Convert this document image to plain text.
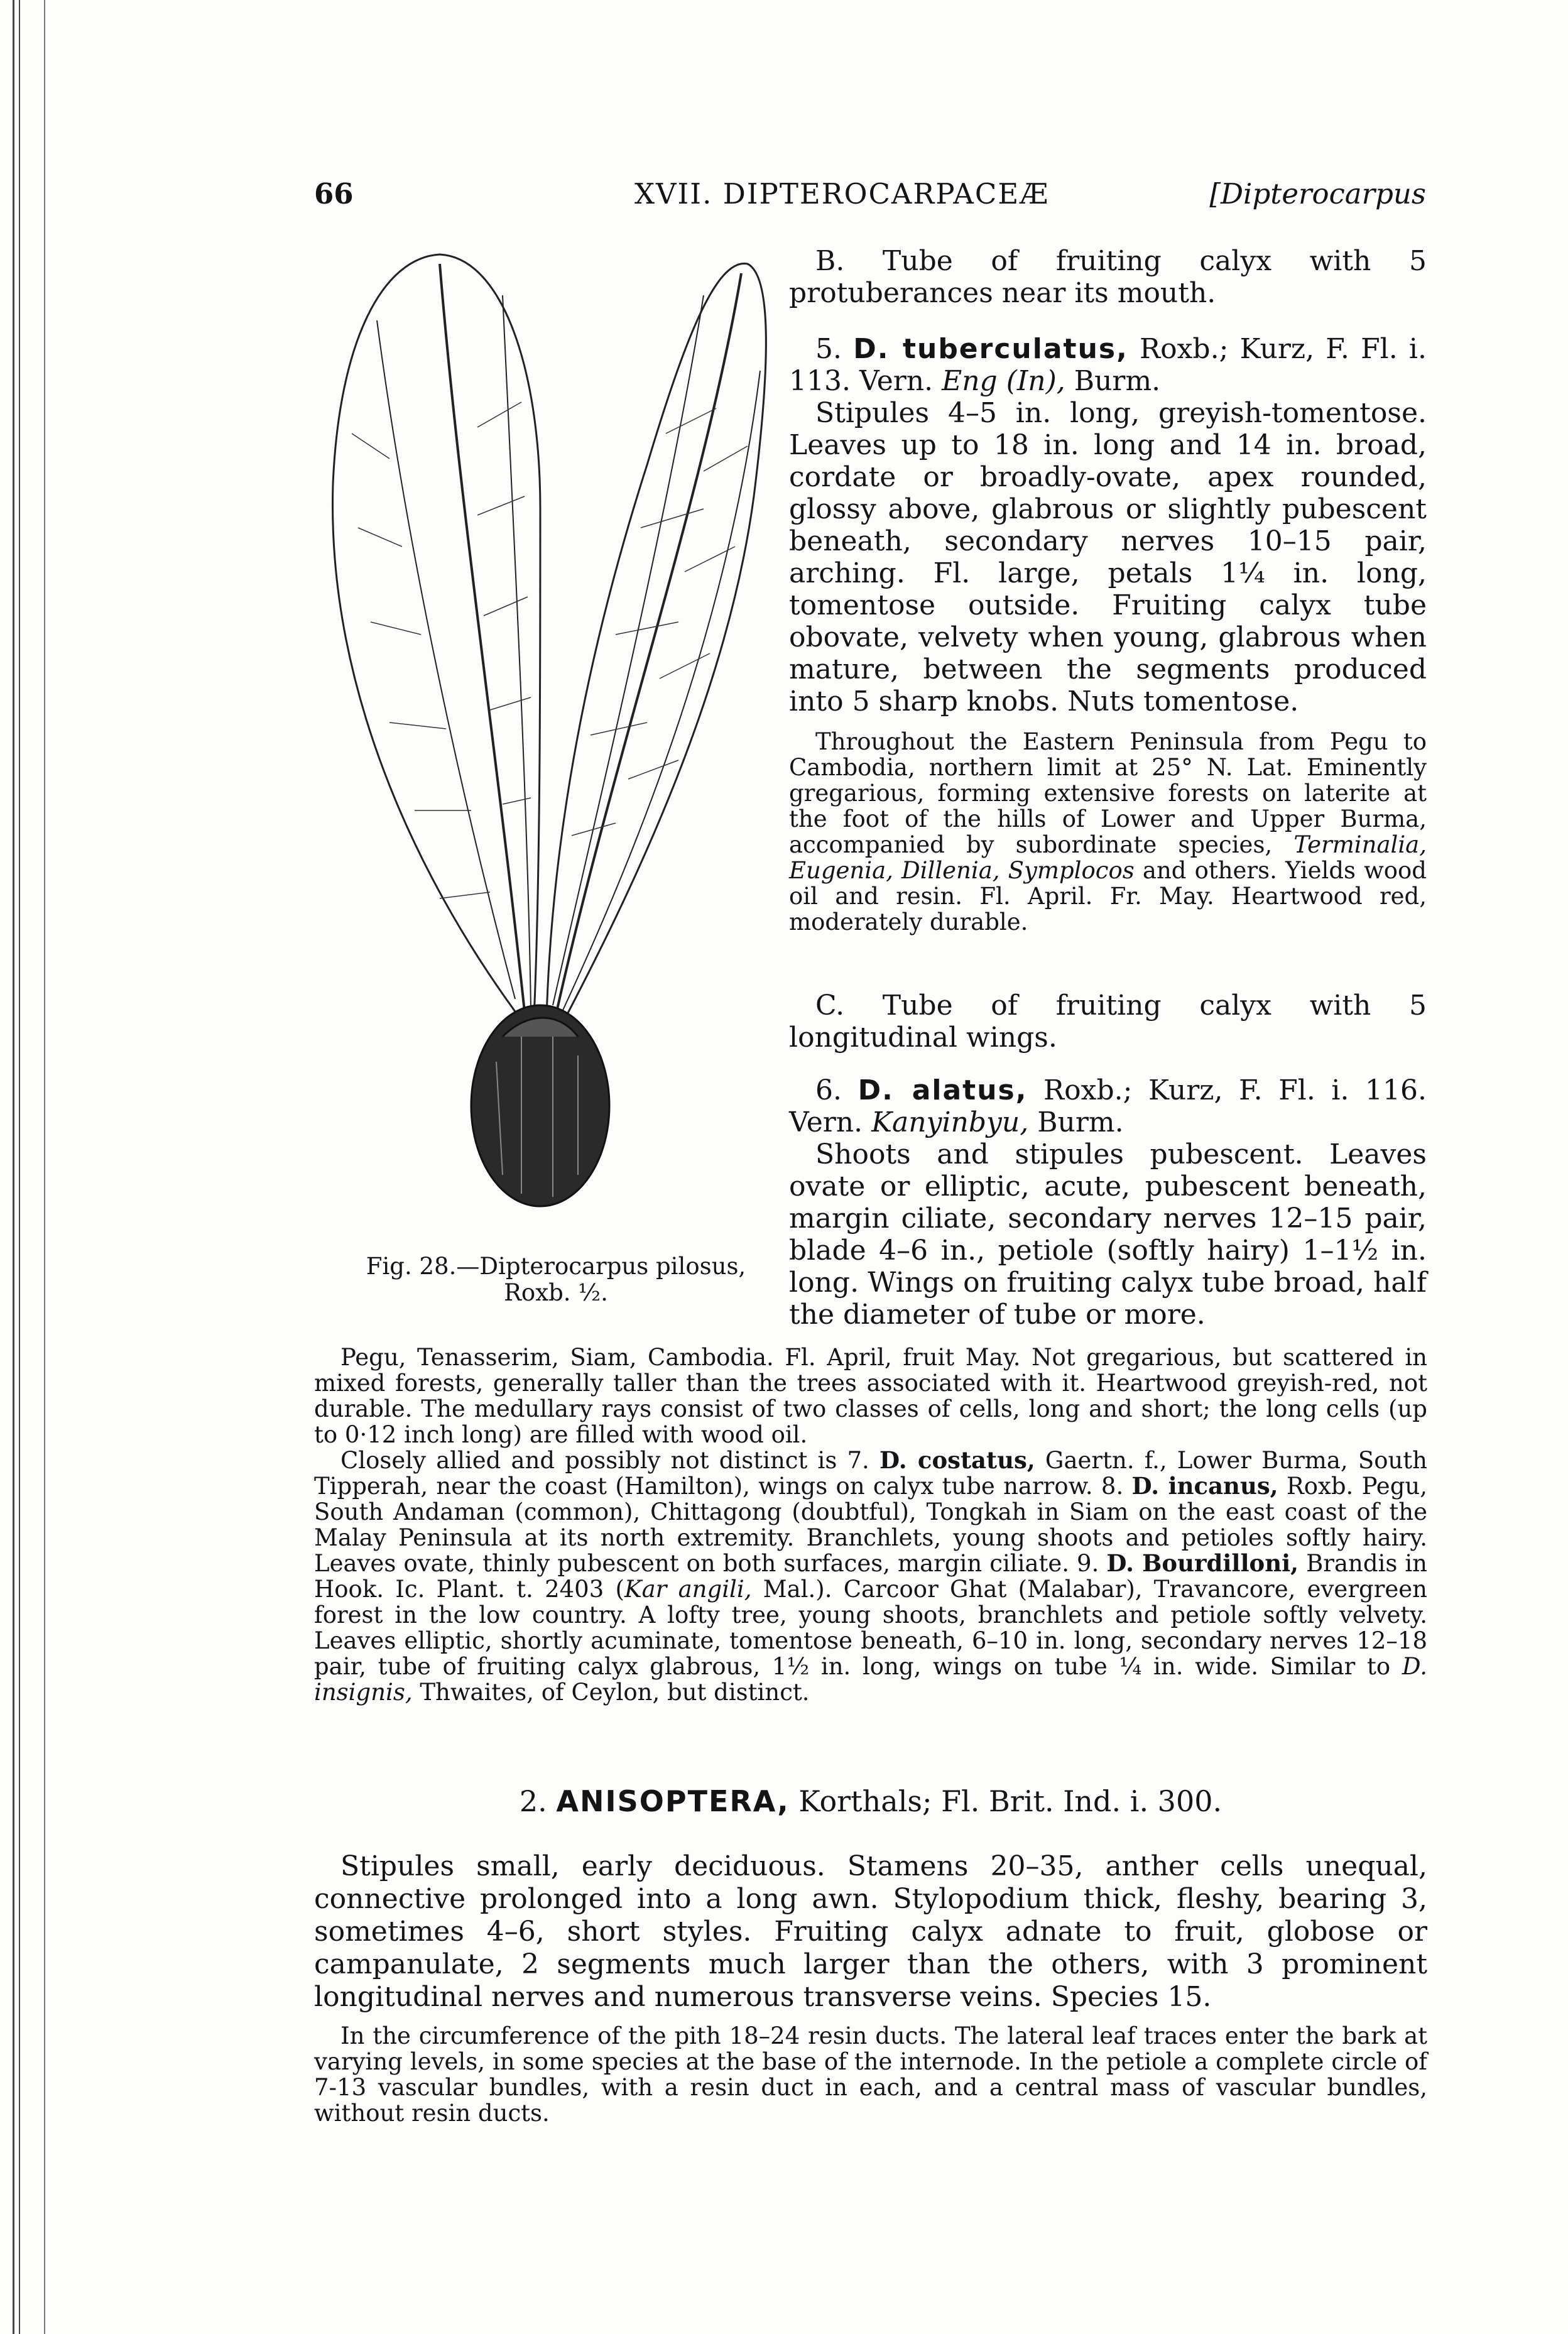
66	XVII. DIPTEROCARPACEÆ	[Dipterocarpus

Fig. 28.—Dipterocarpus pilosus,

Roxb. ½.

B. Tube of fruiting calyx with 5 protuberances near its mouth.

5. D. tuberculatus, Roxb.; Kurz, F. Fl. i. 113. Vern. Eng (In), Burm.

Stipules 4–5 in. long, greyish-tomentose. Leaves up to 18 in. long and 14 in. broad, cordate or broadly-ovate, apex rounded, glossy above, glabrous or slightly pubescent beneath, secondary nerves 10–15 pair, arching. Fl. large, petals 1¼ in. long, tomentose outside. Fruiting calyx tube obovate, velvety when young, glabrous when mature, between the segments produced into 5 sharp knobs. Nuts tomentose.

Throughout the Eastern Peninsula from Pegu to Cambodia, northern limit at 25° N. Lat. Eminently gregarious, forming extensive forests on laterite at the foot of the hills of Lower and Upper Burma, accompanied by subordinate species, Terminalia, Eugenia, Dillenia, Symplocos and others. Yields wood oil and resin. Fl. April. Fr. May. Heartwood red, moderately durable.

C. Tube of fruiting calyx with 5 longitudinal wings.

6. D. alatus, Roxb.; Kurz, F. Fl. i. 116. Vern. Kanyinbyu, Burm.

Shoots and stipules pubescent. Leaves ovate or elliptic, acute, pubescent beneath, margin ciliate, secondary nerves 12–15 pair, blade 4–6 in., petiole (softly hairy) 1–1½ in. long. Wings on fruiting calyx tube broad, half the diameter of tube or more.

Pegu, Tenasserim, Siam, Cambodia. Fl. April, fruit May. Not gregarious, but scattered in mixed forests, generally taller than the trees associated with it. Heartwood greyish-red, not durable. The medullary rays consist of two classes of cells, long and short; the long cells (up to 0·12 inch long) are filled with wood oil.

Closely allied and possibly not distinct is 7. D. costatus, Gaertn. f., Lower Burma, South Tipperah, near the coast (Hamilton), wings on calyx tube narrow. 8. D. incanus, Roxb. Pegu, South Andaman (common), Chittagong (doubtful), Tongkah in Siam on the east coast of the Malay Peninsula at its north extremity. Branchlets, young shoots and petioles softly hairy. Leaves ovate, thinly pubescent on both surfaces, margin ciliate. 9. D. Bourdilloni, Brandis in Hook. Ic. Plant. t. 2403 (Kar angili, Mal.). Carcoor Ghat (Malabar), Travancore, evergreen forest in the low country. A lofty tree, young shoots, branchlets and petiole softly velvety. Leaves elliptic, shortly acuminate, tomentose beneath, 6–10 in. long, secondary nerves 12–18 pair, tube of fruiting calyx glabrous, 1½ in. long, wings on tube ¼ in. wide. Similar to D. insignis, Thwaites, of Ceylon, but distinct.

2. ANISOPTERA, Korthals; Fl. Brit. Ind. i. 300.

Stipules small, early deciduous. Stamens 20–35, anther cells unequal, connective prolonged into a long awn. Stylopodium thick, fleshy, bearing 3, sometimes 4–6, short styles. Fruiting calyx adnate to fruit, globose or campanulate, 2 segments much larger than the others, with 3 prominent longitudinal nerves and numerous transverse veins. Species 15.

In the circumference of the pith 18–24 resin ducts. The lateral leaf traces enter the bark at varying levels, in some species at the base of the internode. In the petiole a complete circle of 7-13 vascular bundles, with a resin duct in each, and a central mass of vascular bundles, without resin ducts.
